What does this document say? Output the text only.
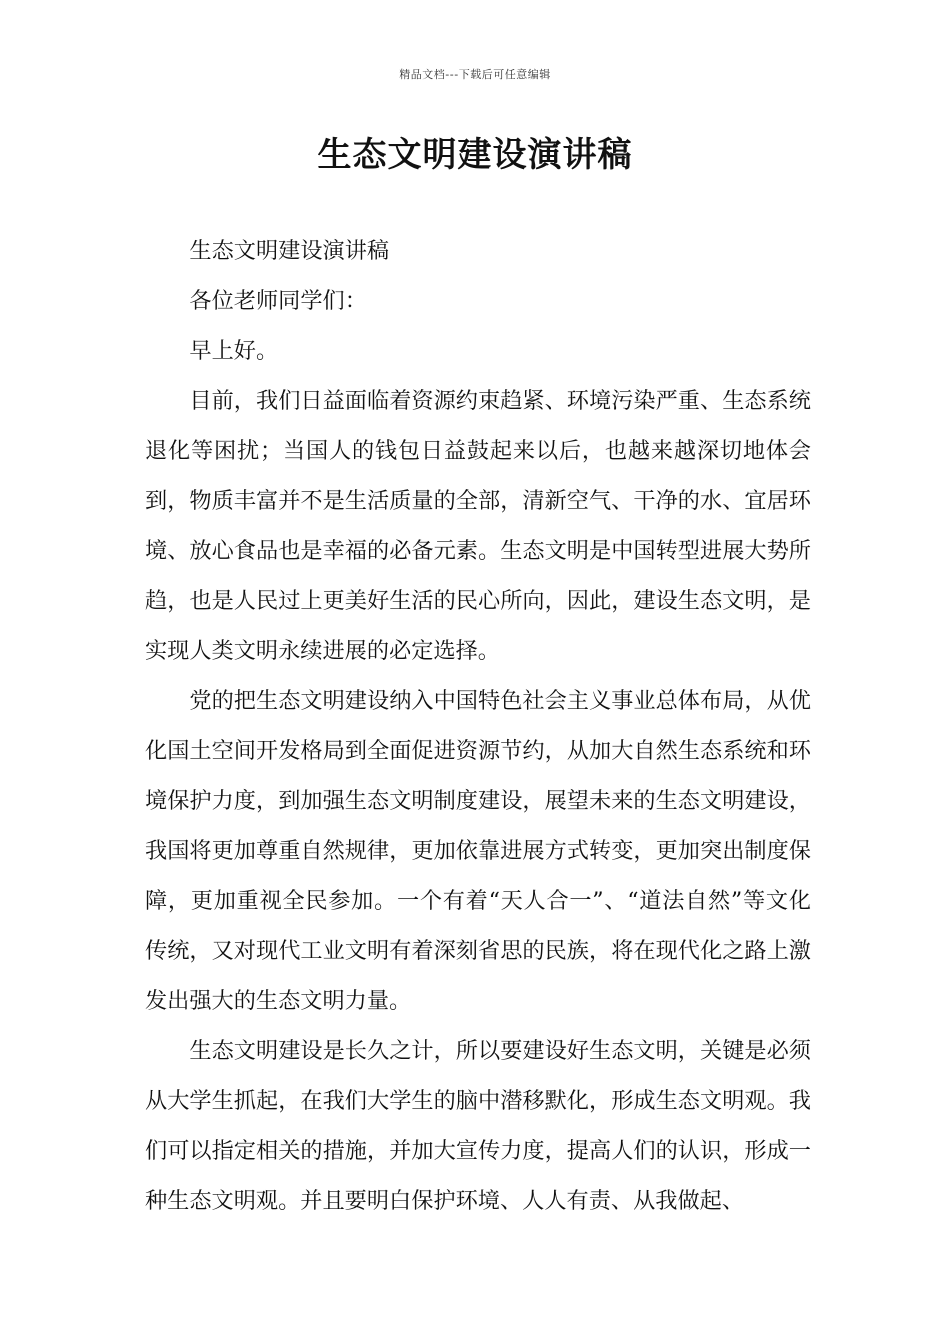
精品文档---下载后可任意编辑
生态文明建设演讲稿

生态文明建设演讲稿

各位老师同学们：

早上好。

目前，我们日益面临着资源约束趋紧、环境污染严重、生态系统退化等困扰；当国人的钱包日益鼓起来以后，也越来越深切地体会到，物质丰富并不是生活质量的全部，清新空气、干净的水、宜居环境、放心食品也是幸福的必备元素。生态文明是中国转型进展大势所趋，也是人民过上更美好生活的民心所向，因此，建设生态文明，是实现人类文明永续进展的必定选择。

党的把生态文明建设纳入中国特色社会主义事业总体布局，从优化国土空间开发格局到全面促进资源节约，从加大自然生态系统和环境保护力度，到加强生态文明制度建设，展望未来的生态文明建设，我国将更加尊重自然规律，更加依靠进展方式转变，更加突出制度保障，更加重视全民参加。一个有着“天人合一”、“道法自然”等文化传统，又对现代工业文明有着深刻省思的民族，将在现代化之路上激发出强大的生态文明力量。

生态文明建设是长久之计，所以要建设好生态文明，关键是必须从大学生抓起，在我们大学生的脑中潜移默化，形成生态文明观。我们可以指定相关的措施，并加大宣传力度，提高人们的认识，形成一种生态文明观。并且要明白保护环境、人人有责、从我做起、
